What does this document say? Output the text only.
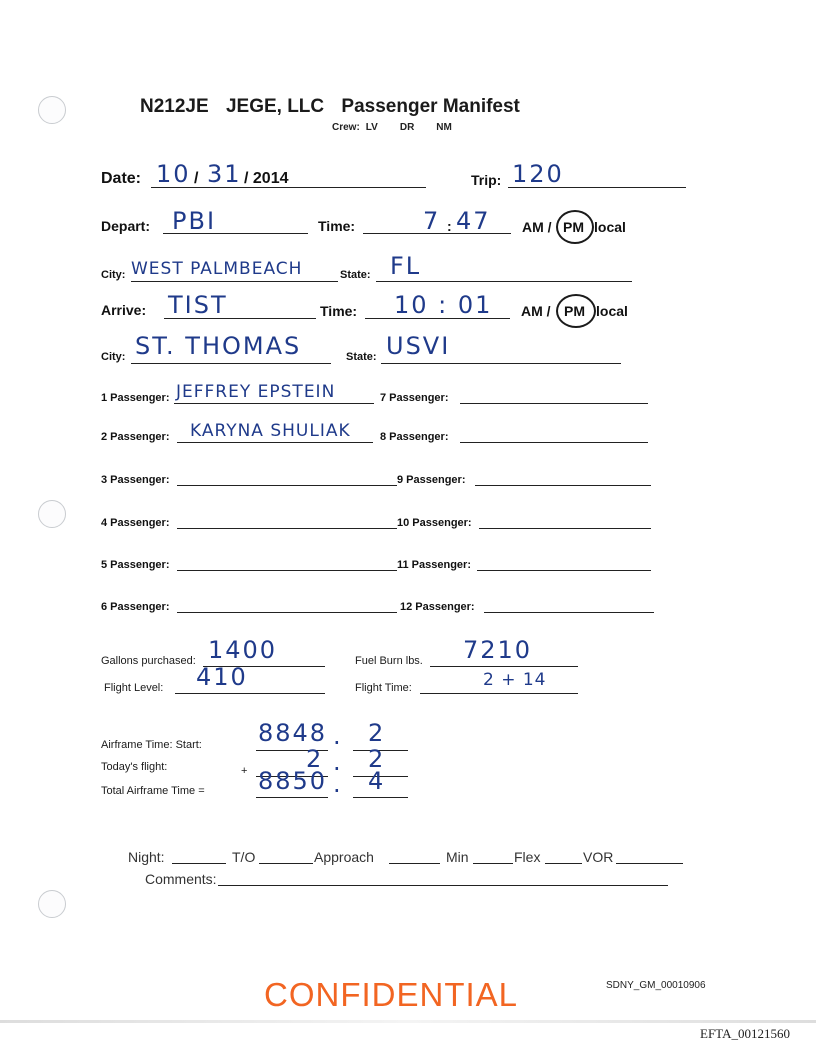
N212JE JEGE, LLC Passenger Manifest
Crew: LV DR NM
Date: 10 / 31 / 2014	Trip: 120
Depart: PBI	Time:	7 : 47 AM / PM local
City: WEST PALMBEACH	State: FL
Arrive: TIST	Time: 10 : 01 AM / PM local
City: ST. THOMAS	State: USVI
1 Passenger: JEFFREY EPSTEIN	7 Passenger:
2 Passenger: KARYNA SHULIAK	8 Passenger:
3 Passenger:	9 Passenger:
4 Passenger:	10 Passenger:
5 Passenger:	11 Passenger:
6 Passenger:	12 Passenger:
Gallons purchased: 1400	Fuel Burn lbs. 7210
Flight Level: 410	Flight Time:	2 + 14
Airframe Time: Start: 8848 . 2
Today's flight:	+ 2 . 2
Total Airframe Time = 8850 . 4
Night:	T/O	Approach	Min	Flex	VOR
Comments:
CONFIDENTIAL	SDNY_GM_00010906
EFTA_00121560
